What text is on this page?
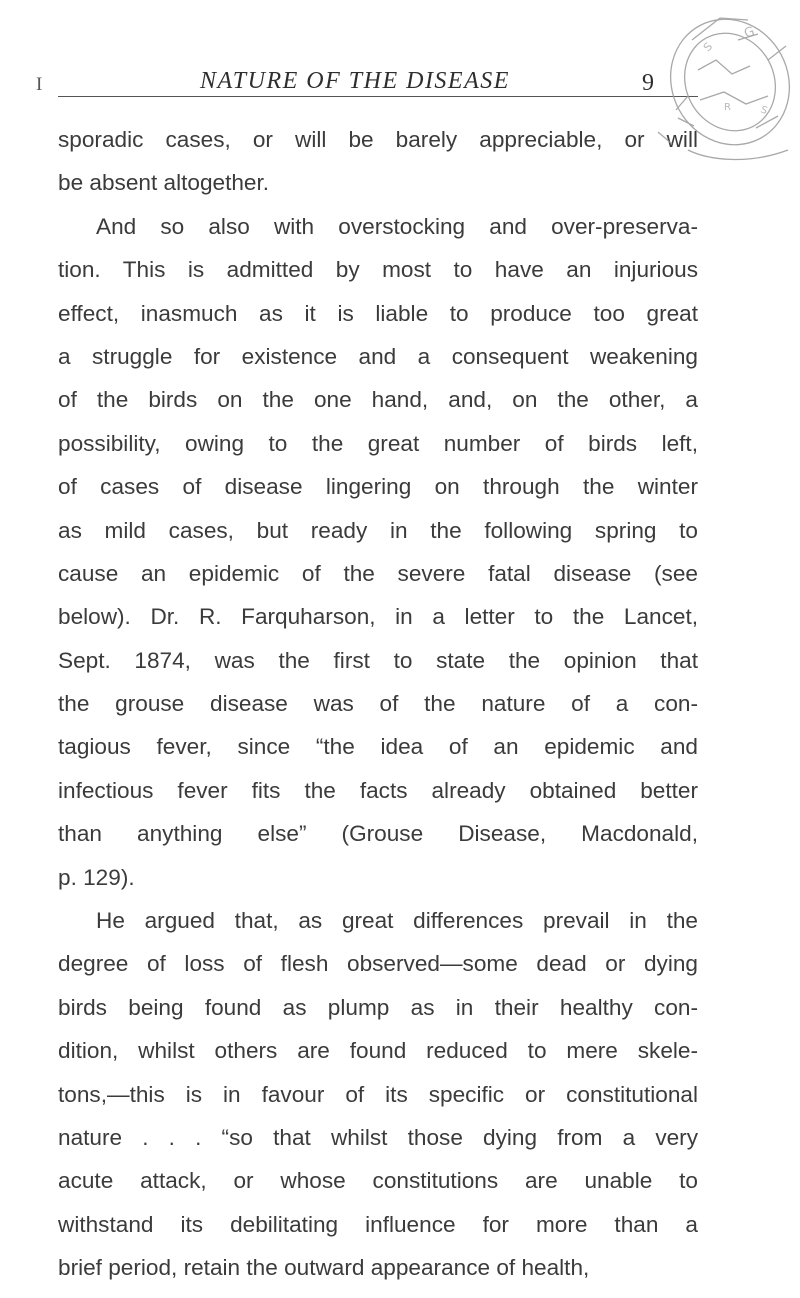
I	NATURE OF THE DISEASE	9
sporadic cases, or will be barely appreciable, or will
be absent altogether.
And so also with overstocking and over-preserva-
tion. This is admitted by most to have an injurious
effect, inasmuch as it is liable to produce too great
a struggle for existence and a consequent weakening
of the birds on the one hand, and, on the other, a
possibility, owing to the great number of birds left,
of cases of disease lingering on through the winter
as mild cases, but ready in the following spring to
cause an epidemic of the severe fatal disease (see
below). Dr. R. Farquharson, in a letter to the Lancet,
Sept. 1874, was the first to state the opinion that
the grouse disease was of the nature of a con-
tagious fever, since “the idea of an epidemic and
infectious fever fits the facts already obtained better
than anything else” (Grouse Disease, Macdonald,
p. 129).
He argued that, as great differences prevail in the
degree of loss of flesh observed—some dead or dying
birds being found as plump as in their healthy con-
dition, whilst others are found reduced to mere skele-
tons,—this is in favour of its specific or constitutional
nature . . . “so that whilst those dying from a very
acute attack, or whose constitutions are unable to
withstand its debilitating influence for more than a
brief period, retain the outward appearance of health,
G
S
R	S
